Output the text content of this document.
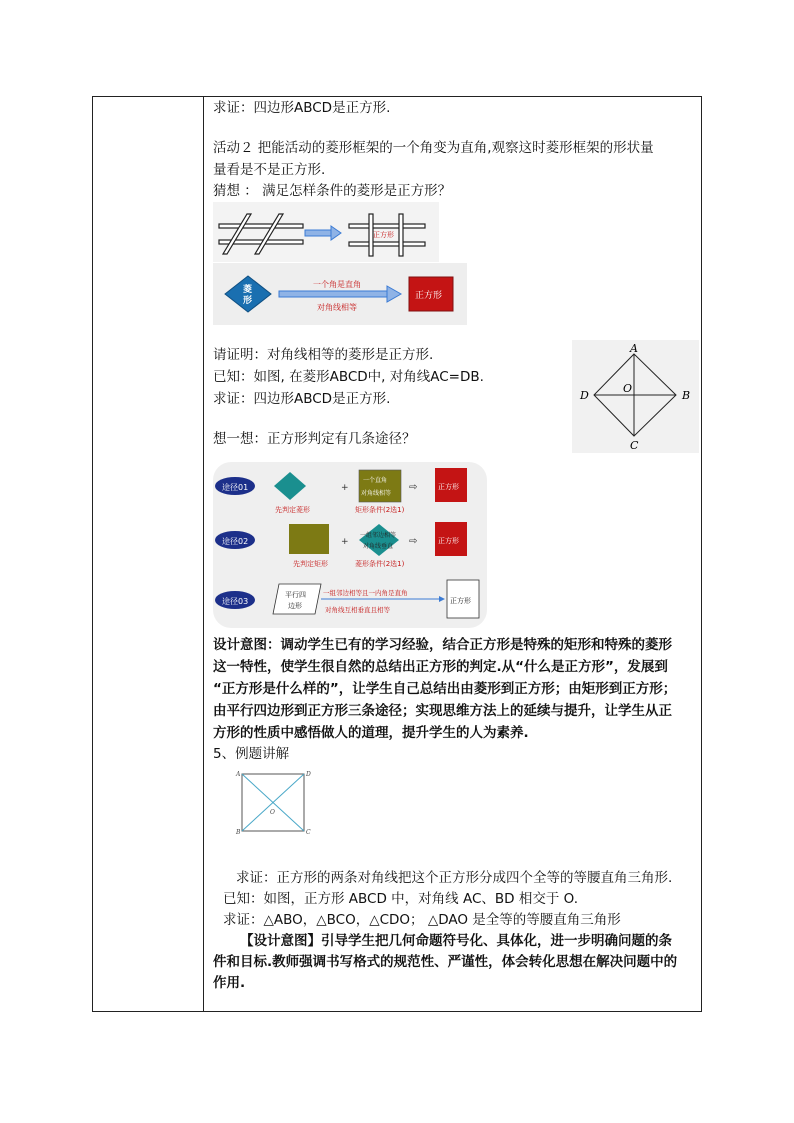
求证：四边形ABCD是正方形.
活动２ 把能活动的菱形框架的一个角变为直角,观察这时菱形框架的形状量
量看是不是正方形.
猜想 ： 满足怎样条件的菱形是正方形？
正方形
菱
形
一个角是直角
对角线相等
正方形
请证明：对角线相等的菱形是正方形.
已知：如图, 在菱形ABCD中, 对角线AC=DB.
求证：四边形ABCD是正方形.
A
B
C
D
O
想一想：正方形判定有几条途径？
途径01	+
一个直角
对角线相等
⇨	正方形
先判定菱形	矩形条件(2选1)
途径02	+
一组邻边相等
对角线垂直 ⇨	正方形
先判定矩形	菱形条件(2选1)
途径03
平行四
边形
一组邻边相等且一内角是直角
对角线互相垂直且相等
正方形
设计意图：调动学生已有的学习经验，结合正方形是特殊的矩形和特殊的菱形
这一特性，使学生很自然的总结出正方形的判定.从“什么是正方形”，发展到
“正方形是什么样的”，让学生自己总结出由菱形到正方形；由矩形到正方形；
由平行四边形到正方形三条途径；实现思维方法上的延续与提升，让学生从正
方形的性质中感悟做人的道理，提升学生的人为素养.
5、例题讲解
A
B	C
D
O
求证：正方形的两条对角线把这个正方形分成四个全等的等腰直角三角形.
已知：如图，正方形 ABCD 中，对角线 AC、BD 相交于 O.
求证：△ABO，△BCO，△CDO； △DAO 是全等的等腰直角三角形
【设计意图】引导学生把几何命题符号化、具体化，进一步明确问题的条
件和目标.教师强调书写格式的规范性、严谨性，体会转化思想在解决问题中的
作用.
